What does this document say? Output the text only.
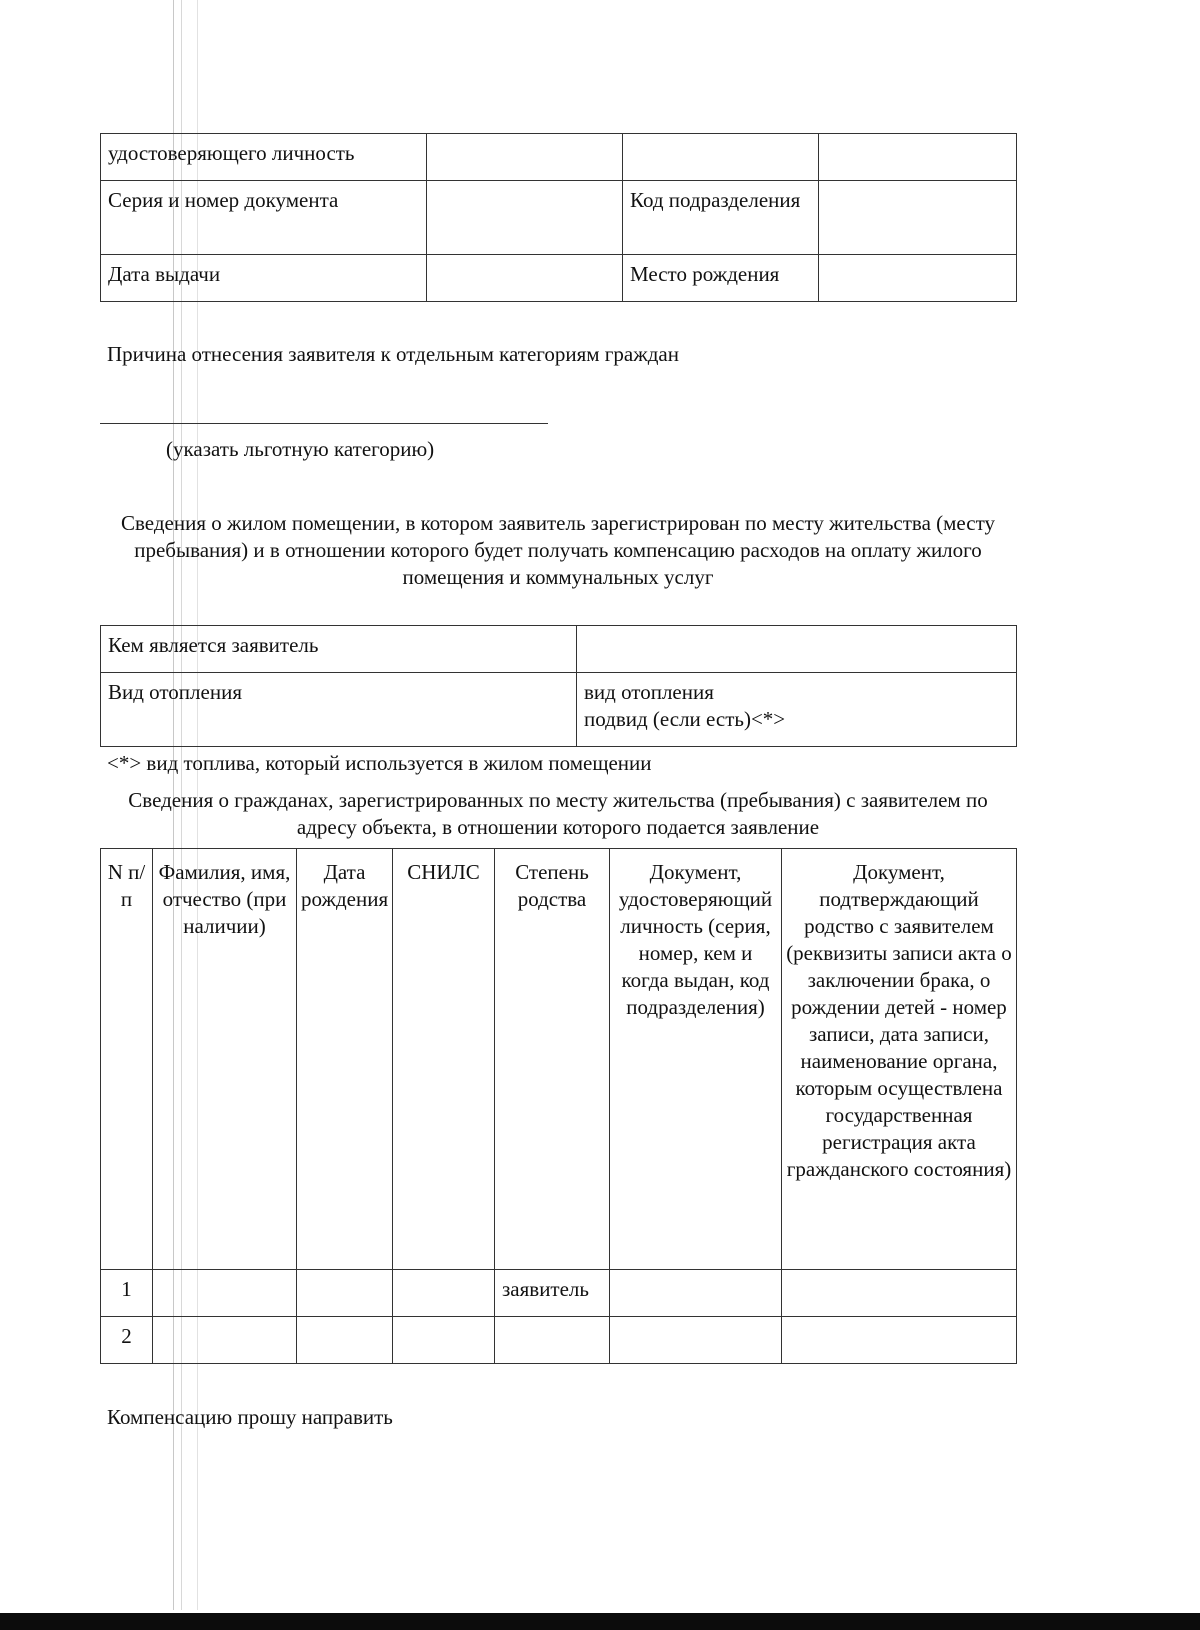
удостоверяющего личность			
Серия и номер документа		Код подразделения	
Дата выдачи		Место рождения	
Причина отнесения заявителя к отдельным категориям граждан
(указать льготную категорию)
Сведения о жилом помещении, в котором заявитель зарегистрирован по месту жительства (месту пребывания) и в отношении которого будет получать компенсацию расходов на оплату жилого помещения и коммунальных услуг
Кем является заявитель	
Вид отопления	вид отопления
подвид (если есть)<*>
<*> вид топлива, который используется в жилом помещении
Сведения о гражданах, зарегистрированных по месту жительства (пребывания) с заявителем по адресу объекта, в отношении которого подается заявление
N п/п	Фамилия, имя, отчество (при наличии)	Дата рождения	СНИЛС	Степень родства	Документ, удостоверяющий личность (серия, номер, кем и когда выдан, код подразделения)	Документ, подтверждающий родство с заявителем (реквизиты записи акта о заключении брака, о рождении детей - номер записи, дата записи, наименование органа, которым осуществлена государственная регистрация акта гражданского состояния)
1				заявитель		
2						
Компенсацию прошу направить
